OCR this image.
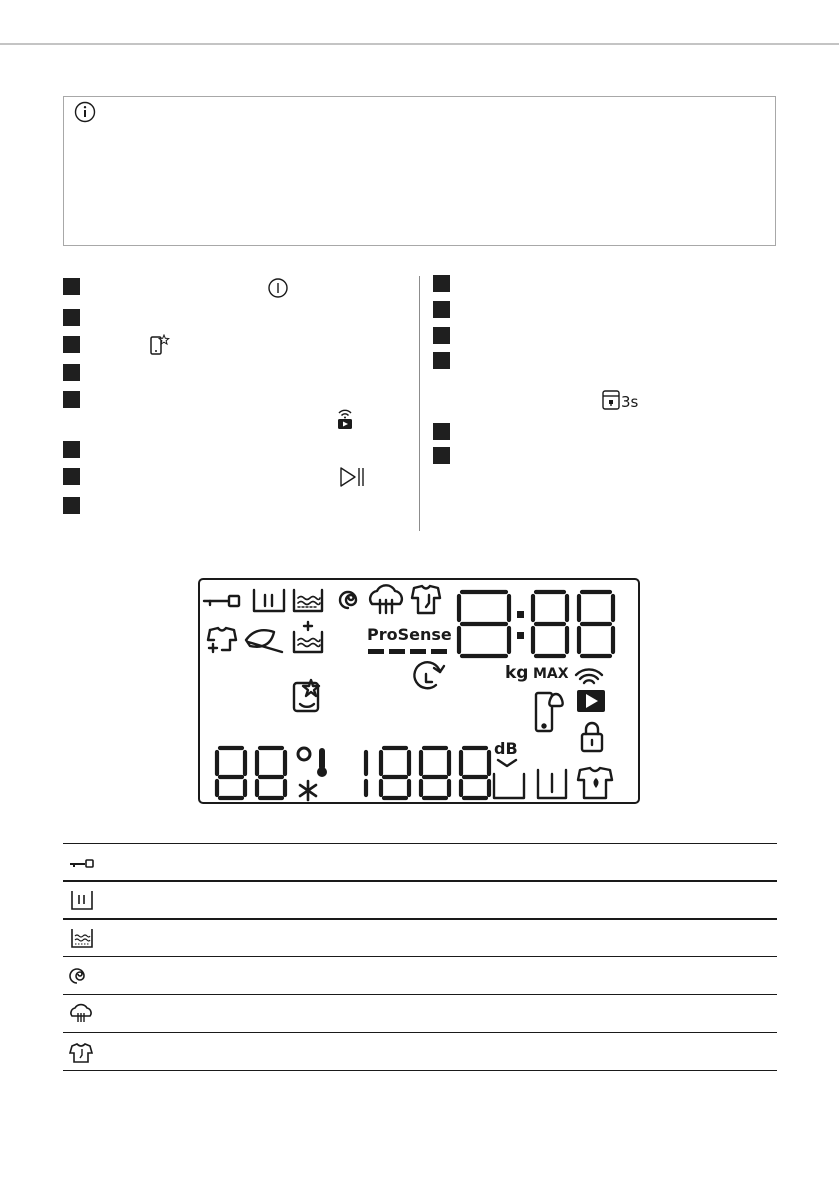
3s
ProSense
kg MAX
dB
